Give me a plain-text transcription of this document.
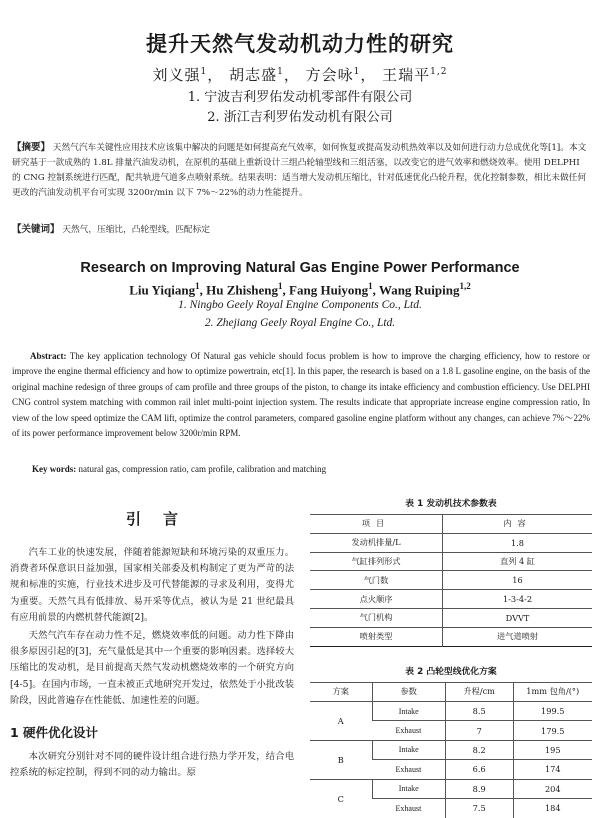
提升天然气发动机动力性的研究
刘义强$^1$， 胡志盛$^1$， 方会咏$^1$， 王瑞平$^{1,2}$
1. 宁波吉利罗佑发动机零部件有限公司
2. 浙江吉利罗佑发动机有限公司
【摘要】 天然气汽车关键性应用技术应该集中解决的问题是如何提高充气效率，如何恢复或提高发动机热效率以及如何进行动力总成优化等[1]。本文研究基于一款成熟的 1.8L 排量汽油发动机，在原机的基础上重新设计三组凸轮轴型线和三组活塞，以改变它的进气效率和燃烧效率。使用 DELPHI 的 CNG 控制系统进行匹配，配共轨进气道多点喷射系统。结果表明：适当增大发动机压缩比，针对低速优化凸轮升程，优化控制参数，相比未做任何更改的汽油发动机平台可实现 3200r/min 以下 7%～22%的动力性能提升。
【关键词】 天然气，压缩比，凸轮型线，匹配标定
Research on Improving Natural Gas Engine Power Performance
Liu Yiqiang$^1$, Hu Zhisheng$^1$, Fang Huiyong$^1$, Wang Ruiping$^{1,2}$
1. Ningbo Geely Royal Engine Components Co., Ltd.
2. Zhejiang Geely Royal Engine Co., Ltd.
  Abstract: The key application technology Of Natural gas vehicle should focus problem is how to improve the charging efficiency, how to restore or improve the engine thermal efficiency and how to optimize powertrain, etc[1]. In this paper, the research is based on a 1.8 L gasoline engine, on the basis of the original machine redesign of three groups of cam profile and three groups of the piston, to change its intake efficiency and combustion efficiency. Use DELPHI CNG control system matching with common rail inlet multi-point injection system. The results indicate that appropriate increase engine compression ratio, In view of the low speed optimize the CAM lift, optimize the control parameters, compared gasoline engine platform without any changes, can achieve 7%～22% of its power performance improvement below 3200r/min RPM.
Key words: natural gas, compression ratio, cam profile, calibration and matching
引言

汽车工业的快速发展，伴随着能源短缺和环境污染的双重压力。消费者环保意识日益加强，国家相关部委及机构制定了更为严苛的法规和标准的实施，行业技术进步及可代替能源的寻求及利用，变得尤为重要。天然气具有低排放、易开采等优点，被认为是 21 世纪最具有应用前景的内燃机替代能源[2]。

天然气汽车存在动力性不足，燃烧效率低的问题。动力性下降由很多原因引起的[3]，充气量低是其中一个重要的影响因素。选择较大压缩比的发动机，是目前提高天然气发动机燃烧效率的一个研究方向[4-5]。在国内市场，一直未被正式地研究开发过，依然处于小批改装阶段，因此普遍存在性能低、加速性差的问题。

1 硬件优化设计

本次研究分别针对不同的硬件设计组合进行热力学开发，结合电控系统的标定控制，得到不同的动力输出。原

表 1 发动机技术参数表
项目	内容
发动机排量/L	1.8
气缸排列形式	直列 4 缸
气门数	16
点火顺序	1-3-4-2
气门机构	DVVT
喷射类型	进气道喷射
表 2 凸轮型线优化方案
方案	参数	升程/cm	1mm 包角/(°)
A	Intake	8.5	199.5
	Exhaust	7	179.5
B	Intake	8.2	195
	Exhaust	6.6	174
C	Intake	8.9	204
	Exhaust	7.5	184
